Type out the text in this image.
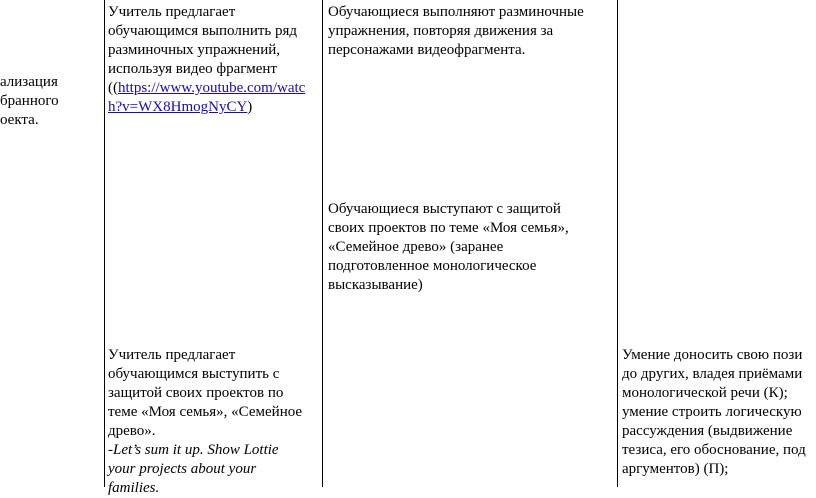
ализация

бранного

оекта.

Учитель предлагает

обучающимся выполнить ряд

разминочных упражнений,

используя видео фрагмент

((https://www.youtube.com/watc

h?v=WX8HmogNyCY)

Учитель предлагает

обучающимся выступить с

защитой своих проектов по

теме «Моя семья», «Семейное

древо».

-Let’s sum it up. Show Lottie

your projects about your

families.

Обучающиеся выполняют разминочные

упражнения, повторяя движения за

персонажами видеофрагмента.

Обучающиеся выступают с защитой

своих проектов по теме «Моя семья»,

«Семейное древо» (заранее

подготовленное монологическое

высказывание)

Умение доносить свою пози

до других, владея приёмами

монологической речи (К);

умение строить логическую

рассуждения (выдвижение

тезиса, его обоснование, под

аргументов) (П);
